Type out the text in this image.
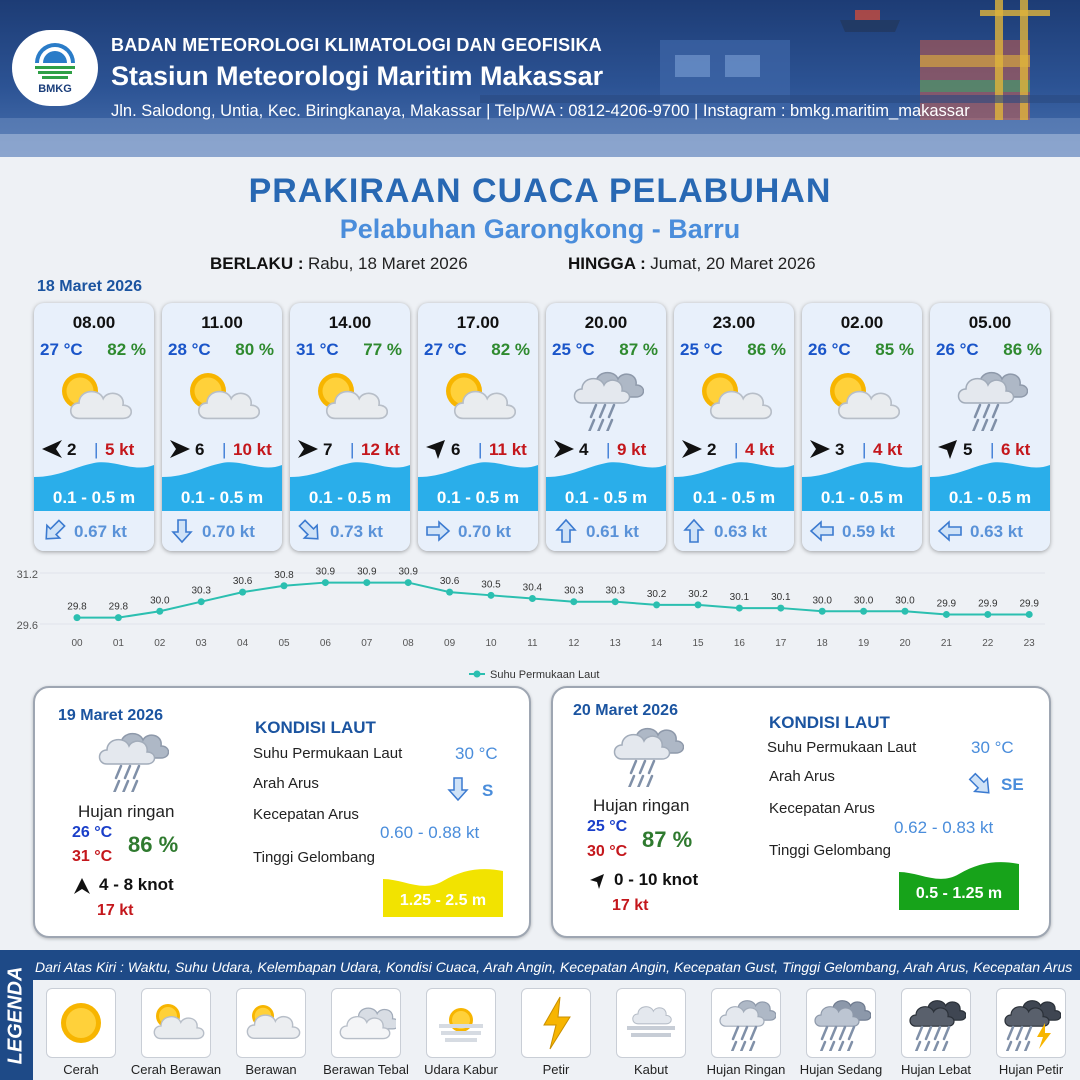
BMKG
BADAN METEOROLOGI KLIMATOLOGI DAN GEOFISIKA
Stasiun Meteorologi Maritim Makassar
Jln. Salodong, Untia, Kec. Biringkanaya, Makassar | Telp/WA : 0812-4206-9700 | Instagram : bmkg.maritim_makassar
PRAKIRAAN CUACA PELABUHAN
Pelabuhan Garongkong - Barru
BERLAKU : Rabu, 18 Maret 2026	HINGGA : Jumat, 20 Maret 2026
18 Maret 2026
08.00
27 °C 82 %
2 | 5 kt
0.1 - 0.5 m
0.67 kt
11.00
28 °C 80 %
6 | 10 kt
0.1 - 0.5 m
0.70 kt
14.00
31 °C 77 %
7 | 12 kt
0.1 - 0.5 m
0.73 kt
17.00
27 °C 82 %
6 | 11 kt
0.1 - 0.5 m
0.70 kt
20.00
25 °C 87 %
4 | 9 kt
0.1 - 0.5 m
0.61 kt
23.00
25 °C 86 %
2 | 4 kt
0.1 - 0.5 m
0.63 kt
02.00
26 °C 85 %
3 | 4 kt
0.1 - 0.5 m
0.59 kt
05.00
26 °C 86 %
5 | 6 kt
0.1 - 0.5 m
0.63 kt
31.2
29.6
29.8
00
29.8
01
30.0
02
30.3
03
30.6
04
30.8
05
30.9
06
30.9
07
30.9
08
30.6
09
30.5
10
30.4
11
30.3
12
30.3
13
30.2
14
30.2
15
30.1
16
30.1
17
30.0
18
30.0
19
30.0
20
29.9
21
29.9
22
29.9
23
Suhu Permukaan Laut
19 Maret 2026
Hujan ringan
26 °C
31 °C 86 %
4 - 8 knot
17 kt
KONDISI LAUT
Suhu Permukaan Laut	30 °C
Arah Arus	S
Kecepatan Arus
0.60 - 0.88 kt
Tinggi Gelombang
1.25 - 2.5 m
20 Maret 2026
Hujan ringan
25 °C
30 °C 87 %
0 - 10 knot
17 kt
KONDISI LAUT
Suhu Permukaan Laut	30 °C
Arah Arus	SE
Kecepatan Arus
0.62 - 0.83 kt
Tinggi Gelombang
0.5 - 1.25 m
LEGENDA Dari Atas Kiri : Waktu, Suhu Udara, Kelembapan Udara, Kondisi Cuaca, Arah Angin, Kecepatan Angin, Kecepatan Gust, Tinggi Gelombang, Arah Arus, Kecepatan Arus
Cerah	Cerah Berawan	Berawan	Berawan Tebal	Udara Kabur	Petir	Kabut	Hujan Ringan	Hujan Sedang	Hujan Lebat	Hujan Petir
